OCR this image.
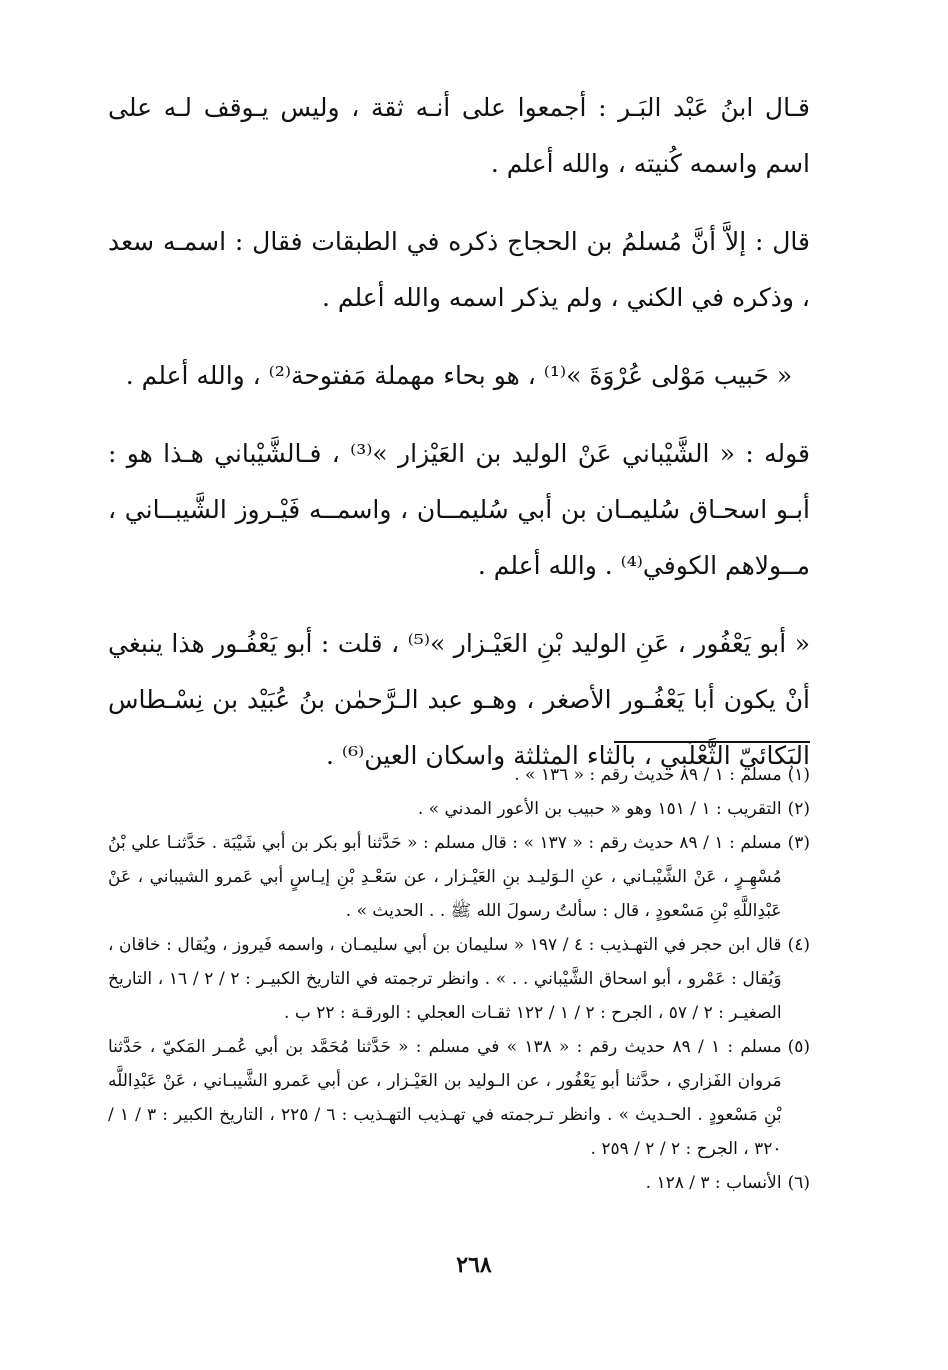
قـال ابنُ عَبْد البَـر : أجمعوا على أنـه ثقة ، وليس يـوقف لـه على اسم واسمه كُنيته ، والله أعلم .

قال : إلاَّ أنَّ مُسلمُ بن الحجاج ذكره في الطبقات فقال : اسمـه سعد ، وذكره في الكني ، ولم يذكر اسمه والله أعلم .

« حَبيب مَوْلى عُرْوَةَ »⁽¹⁾ ، هو بحاء مهملة مَفتوحة⁽²⁾ ، والله أعلم .

قوله : « الشَّيْباني عَنْ الوليد بن العَيْزار »⁽³⁾ ، فـالشَّيْباني هـذا هو : أبـو اسحـاق سُليمـان بن أبي سُليمــان ، واسمــه فَيْـروز الشَّيبــاني ، مــولاهم الكوفي⁽⁴⁾ . والله أعلم .

« أبو يَعْفُور ، عَنِ الوليد بْنِ العَيْـزار »⁽⁵⁾ ، قلت : أبو يَعْفُـور هذا ينبغي أنْ يكون أبا يَعْفُـور الأصغر ، وهـو عبد الـرَّحمٰن بنُ عُبَيْد بن نِسْـطاس البَكائيّ الثَّعْلَبي ، بالثاء المثلثة واسكان العين⁽⁶⁾ .

(١)
مسلم : ١ / ٨٩ حديث رقم : « ١٣٦ » .
(٢)
التقريب : ١ / ١٥١ وهو « حبيب بن الأعور المدني » .
(٣)
مسلم : ١ / ٨٩ حديث رقم : « ١٣٧ » : قال مسلم : « حَدَّثنا أبو بكر بن أبي شَيْبَة . حَدَّثنـا علي بْنُ مُسْهِـرٍ ، عَنْ الشَّيْبـاني ، عنِ الـوَليـد بنِ العَيْـزار ، عن سَعْـدِ بْنِ إيـاسٍ أبي عَمرو الشيباني ، عَنْ عَبْدِاللَّهِ بْنِ مَسْعودٍ ، قال : سألتُ رسولَ الله ﷺ . . الحديث » .
(٤)
قال ابن حجر في التهـذيب : ٤ / ١٩٧ « سليمان بن أبي سليمـان ، واسمه فَيروز ، ويُقال : خاقان ، وَيُقال : عَمْرو ، أبو اسحاق الشَّيْباني . . » . وانظر ترجمته في التاريخ الكبيـر : ٢ / ٢ / ١٦ ، التاريخ الصغيـر : ٢ / ٥٧ ، الجرح : ٢ / ١ / ١٢٢ ثقـات العجلي : الورقـة : ٢٢ ب .
(٥)
مسلم : ١ / ٨٩ حديث رقم : « ١٣٨ » في مسلم : « حَدَّثنا مُحَمَّد بن أبي عُمـر المَكيّ ، حَدَّثنا مَروان الفَزاري ، حدَّثنا أبو يَعْفُور ، عن الـوليد بن العَيْـزار ، عن أبي عَمرو الشَّيبـاني ، عَنْ عَبْدِاللَّه بْنِ مَسْعودٍ . الحـديث » . وانظر تـرجمته في تهـذيب التهـذيب : ٦ / ٢٢٥ ، التاريخ الكبير : ٣ / ١ / ٣٢٠ ، الجرح : ٢ / ٢ / ٢٥٩ .
(٦)
الأنساب : ٣ / ١٢٨ .
٢٦٨
